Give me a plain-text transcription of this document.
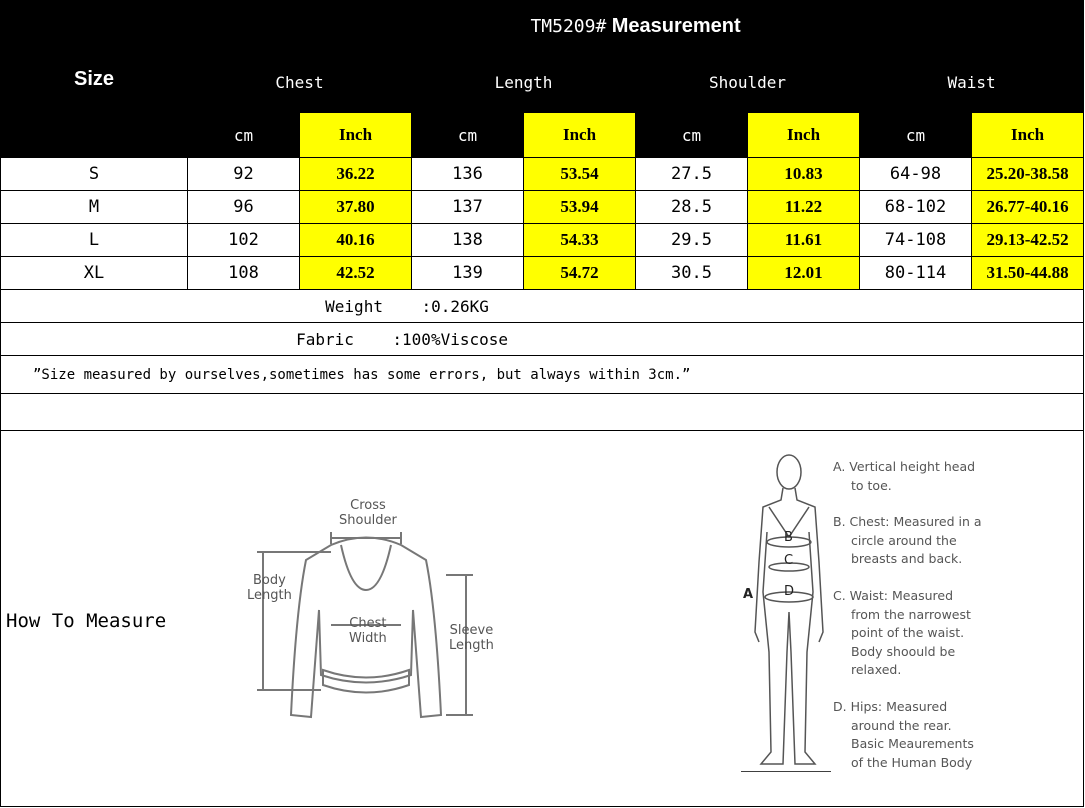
Size	TM5209# Measurement							
	Chest		Length		Shoulder		Waist	
	cm	Inch	cm	Inch	cm	Inch	cm	Inch
S	92	36.22	136	53.54	27.5	10.83	64-98	25.20-38.58
M	96	37.80	137	53.94	28.5	11.22	68-102	26.77-40.16
L	102	40.16	138	54.33	29.5	11.61	74-108	29.13-42.52
XL	108	42.52	139	54.72	30.5	12.01	80-114	31.50-44.88
Weight    :0.26KG								
Fabric    :100%Viscose								
”Size measured by ourselves,sometimes has some errors, but always within 3cm.”								

How To Measure
Cross
Shoulder
Body
Length
Chest
Width
Sleeve
Length
A
B
C
D
A. Vertical height head
to toe.
B. Chest: Measured in a
circle around the
breasts and back.
C. Waist: Measured
from the narrowest
point of the waist.
Body shoould be
relaxed.
D. Hips: Measured
around the rear.
Basic Meaurements
of the Human Body
